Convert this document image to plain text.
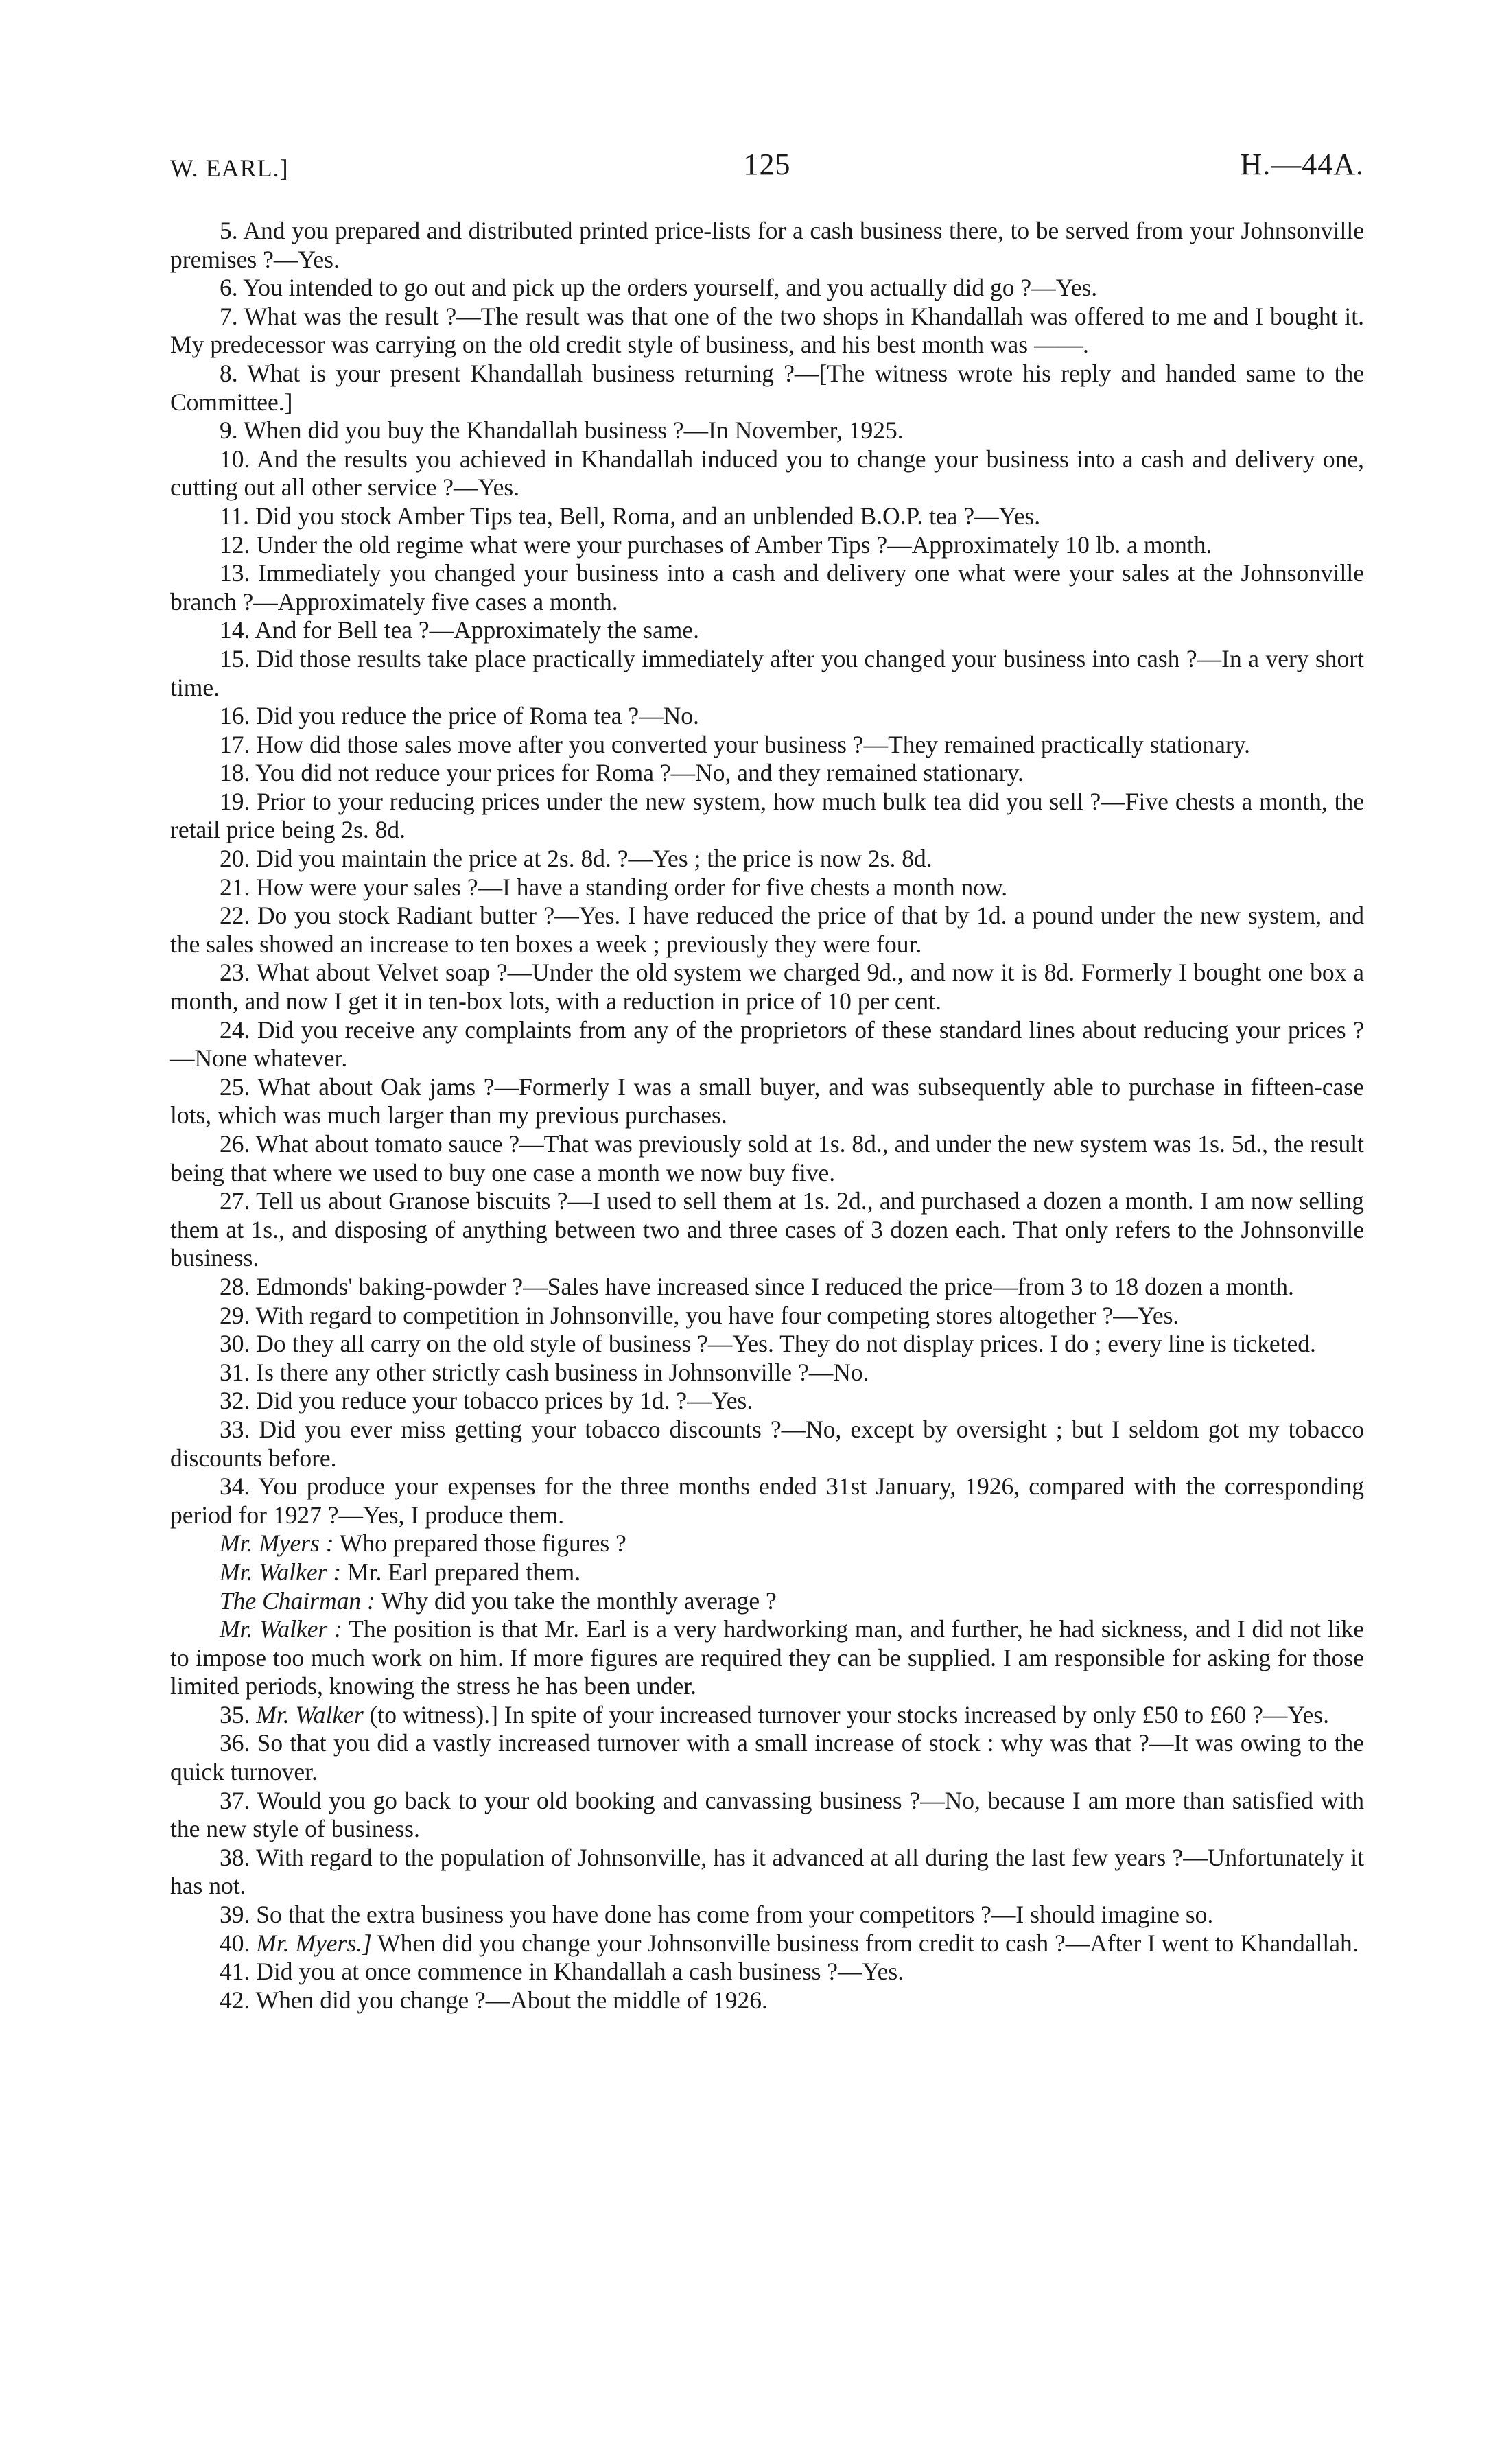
W. EARL.]	125	H.—44A.

5. And you prepared and distributed printed price-lists for a cash business there, to be served from your Johnsonville premises ?—Yes.

6. You intended to go out and pick up the orders yourself, and you actually did go ?—Yes.

7. What was the result ?—The result was that one of the two shops in Khandallah was offered to me and I bought it. My predecessor was carrying on the old credit style of business, and his best month was ——.

8. What is your present Khandallah business returning ?—[The witness wrote his reply and handed same to the Committee.]

9. When did you buy the Khandallah business ?—In November, 1925.

10. And the results you achieved in Khandallah induced you to change your business into a cash and delivery one, cutting out all other service ?—Yes.

11. Did you stock Amber Tips tea, Bell, Roma, and an unblended B.O.P. tea ?—Yes.

12. Under the old regime what were your purchases of Amber Tips ?—Approximately 10 lb. a month.

13. Immediately you changed your business into a cash and delivery one what were your sales at the Johnsonville branch ?—Approximately five cases a month.

14. And for Bell tea ?—Approximately the same.

15. Did those results take place practically immediately after you changed your business into cash ?—In a very short time.

16. Did you reduce the price of Roma tea ?—No.

17. How did those sales move after you converted your business ?—They remained practically stationary.

18. You did not reduce your prices for Roma ?—No, and they remained stationary.

19. Prior to your reducing prices under the new system, how much bulk tea did you sell ?—Five chests a month, the retail price being 2s. 8d.

20. Did you maintain the price at 2s. 8d. ?—Yes ; the price is now 2s. 8d.

21. How were your sales ?—I have a standing order for five chests a month now.

22. Do you stock Radiant butter ?—Yes. I have reduced the price of that by 1d. a pound under the new system, and the sales showed an increase to ten boxes a week ; previously they were four.

23. What about Velvet soap ?—Under the old system we charged 9d., and now it is 8d. Formerly I bought one box a month, and now I get it in ten-box lots, with a reduction in price of 10 per cent.

24. Did you receive any complaints from any of the proprietors of these standard lines about reducing your prices ?—None whatever.

25. What about Oak jams ?—Formerly I was a small buyer, and was subsequently able to purchase in fifteen-case lots, which was much larger than my previous purchases.

26. What about tomato sauce ?—That was previously sold at 1s. 8d., and under the new system was 1s. 5d., the result being that where we used to buy one case a month we now buy five.

27. Tell us about Granose biscuits ?—I used to sell them at 1s. 2d., and purchased a dozen a month. I am now selling them at 1s., and disposing of anything between two and three cases of 3 dozen each. That only refers to the Johnsonville business.

28. Edmonds' baking-powder ?—Sales have increased since I reduced the price—from 3 to 18 dozen a month.

29. With regard to competition in Johnsonville, you have four competing stores altogether ?—Yes.

30. Do they all carry on the old style of business ?—Yes. They do not display prices. I do ; every line is ticketed.

31. Is there any other strictly cash business in Johnsonville ?—No.

32. Did you reduce your tobacco prices by 1d. ?—Yes.

33. Did you ever miss getting your tobacco discounts ?—No, except by oversight ; but I seldom got my tobacco discounts before.

34. You produce your expenses for the three months ended 31st January, 1926, compared with the corresponding period for 1927 ?—Yes, I produce them.

Mr. Myers : Who prepared those figures ?

Mr. Walker : Mr. Earl prepared them.

The Chairman : Why did you take the monthly average ?

Mr. Walker : The position is that Mr. Earl is a very hardworking man, and further, he had sickness, and I did not like to impose too much work on him. If more figures are required they can be supplied. I am responsible for asking for those limited periods, knowing the stress he has been under.

35. Mr. Walker (to witness).] In spite of your increased turnover your stocks increased by only £50 to £60 ?—Yes.

36. So that you did a vastly increased turnover with a small increase of stock : why was that ?—It was owing to the quick turnover.

37. Would you go back to your old booking and canvassing business ?—No, because I am more than satisfied with the new style of business.

38. With regard to the population of Johnsonville, has it advanced at all during the last few years ?—Unfortunately it has not.

39. So that the extra business you have done has come from your competitors ?—I should imagine so.

40. Mr. Myers.] When did you change your Johnsonville business from credit to cash ?—After I went to Khandallah.

41. Did you at once commence in Khandallah a cash business ?—Yes.

42. When did you change ?—About the middle of 1926.
